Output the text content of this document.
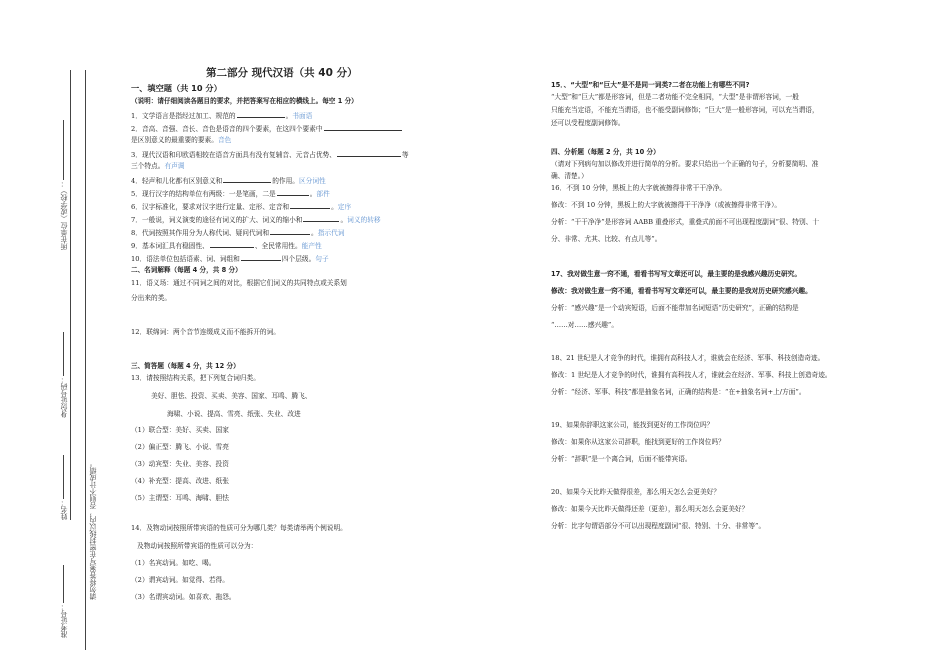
所在单位（或学校）：
身份证号码：
姓名：
准考证号：
请勿将答案写在密封线以内，否则不计成绩。
第二部分 现代汉语（共 40 分）
一、填空题（共 10 分）
（说明：请仔细阅读各题目的要求，并把答案写在相应的横线上。每空 1 分）
1．文学语言是指经过加工、规范的	。书面语
2．音高、音强、音长、音色是语音的四个要素，在这四个要素中
是区别意义的最重要的要素。音色
3．现代汉语和印欧语相较在语音方面具有没有复辅音、元音占优势、	等
三个特点。有声调
4．轻声和儿化都有区别意义和	的作用。区分词性
5．现行汉字的结构单位有两级：一是笔画，二是	。部件
6．汉字标准化，要求对汉字进行定量、定形、定音和	。定序
7．一般说，词义演变的途径有词义的扩大、词义的缩小和	。词义的转移
8．代词按照其作用分为人称代词、疑问代词和	。指示代词
9．基本词汇具有稳固性、	、全民常用性。能产性
10．语法单位包括语素、词、词组和	四个层级。句子
二、名词解释（每题 4 分，共 8 分）
11．语义场：通过不同词之间的对比，根据它们词义的共同特点或关系划
分出来的类。
12．联绵词：两个音节连缀成义而不能拆开的词。
三、简答题（每题 4 分，共 12 分）
13．请按照结构关系，把下列复合词归类。
美好、胆怯、投资、买卖、美容、国家、耳鸣、腾飞、
海啸、小说、提高、雪亮、纸张、失业、改进
（1）联合型：美好、买卖、国家
（2）偏正型：腾飞、小说、雪亮
（3）动宾型：失业、美容、投资
（4）补充型：提高、改进、纸张
（5）主谓型：耳鸣、海啸、胆怯
14．及物动词按照所带宾语的性质可分为哪几类？每类请举两个例说明。
及物动词按照所带宾语的性质可以分为：
（1）名宾动词。如吃、喝。
（2）谓宾动词。如觉得、若得。
（3）名谓宾动词。如喜欢、拖怨。
15．、“大型”和“巨大”是不是同一词类?二者在功能上有哪些不同?
“大型”和“巨大”都是形容词，但是二者功能不完全相同，“大型”是非谓形容词，一般
只能充当定语，不能充当谓语，也不能受副词修饰；“巨大”是一般形容词，可以充当谓语，
还可以受程度副词修饰。
四、分析题（每题 2 分，共 10 分）
（请对下列病句加以修改并进行简单的分析。要求只给出一个正确的句子，分析要简明、准
确、清楚。）
16．不到 10 分钟，黑板上的大字就被擦得非常干干净净。
修改：不到 10 分钟，黑板上的大字就被擦得干干净净（或被擦得非常干净）。
分析：“干干净净”是形容词 AABB 重叠形式，重叠式前面不可出现程度副词“很、特别、十
分、非常、尤其、比较、有点儿等”。
17、我对做生意一窍不通，看看书写写文章还可以，最主要的是我感兴趣历史研究。
修改：我对做生意一窍不通，看看书写写文章还可以，最主要的是我对历史研究感兴趣。
分析：“感兴趣”是一个动宾短语，后面不能带加名词短语“历史研究”，正确的结构是
“……对……感兴趣”。
18、21 世纪是人才竞争的时代，谁拥有高科技人才，谁就会在经济、军事、科技创造奇迹。
修改：1 世纪是人才竞争的时代，谁拥有高科技人才，谁就会在经济、军事、科技上创造奇迹。
分析：“经济、军事、科技”都是抽象名词，正确的结构是：“在+抽象名词+上/方面”。
19、如果你辞职这家公司，能找到更好的工作岗位吗？
修改：如果你从这家公司辞职，能找到更好的工作岗位吗？
分析：“辞职”是一个离合词，后面不能带宾语。
20、如果今天比昨天做得很差，那么明天怎么会更美好？
修改：如果今天比昨天做得还差（更差），那么明天怎么会更美好？
分析：比字句谓语部分不可以出现程度副词“很、特别、十分、非常等”。
